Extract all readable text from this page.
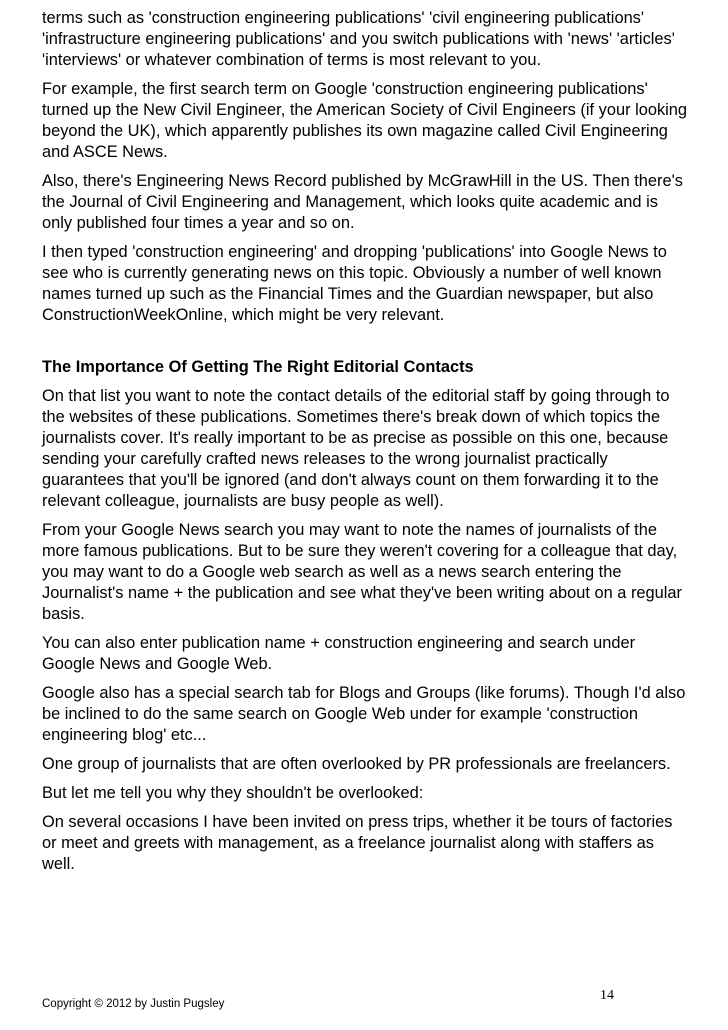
terms such as 'construction engineering publications' 'civil engineering publications' 'infrastructure engineering publications' and you switch publications with 'news' 'articles' 'interviews' or whatever combination of terms is most relevant to you.

For example, the first search term on Google 'construction engineering publications' turned up the New Civil Engineer, the American Society of Civil Engineers (if your looking beyond the UK), which apparently publishes its own magazine called Civil Engineering and ASCE News.

Also, there's Engineering News Record published by McGrawHill in the US. Then there's the Journal of Civil Engineering and Management, which looks quite academic and is only published four times a year and so on.

I then typed 'construction engineering' and dropping 'publications' into Google News to see who is currently generating news on this topic. Obviously a number of well known names turned up such as the Financial Times and the Guardian newspaper, but also ConstructionWeekOnline, which might be very relevant.

The Importance Of Getting The Right Editorial Contacts

On that list you want to note the contact details of the editorial staff by going through to the websites of these publications. Sometimes there's break down of which topics the journalists cover. It's really important to be as precise as possible on this one, because sending your carefully crafted news releases to the wrong journalist practically guarantees that you'll be ignored (and don't always count on them forwarding it to the relevant colleague, journalists are busy people as well).

From your Google News search you may want to note the names of journalists of the more famous publications. But to be sure they weren't covering for a colleague that day, you may want to do a Google web search as well as a news search entering the Journalist's name + the publication and see what they've been writing about on a regular basis.

You can also enter publication name + construction engineering and search under Google News and Google Web.

Google also has a special search tab for Blogs and Groups (like forums). Though I'd also be inclined to do the same search on Google Web under for example 'construction engineering blog' etc...

One group of journalists that are often overlooked by PR professionals are freelancers.

But let me tell you why they shouldn't be overlooked:

On several occasions I have been invited on press trips, whether it be tours of factories or meet and greets with management, as a freelance journalist along with staffers as well.

Copyright © 2012 by Justin Pugsley
14
